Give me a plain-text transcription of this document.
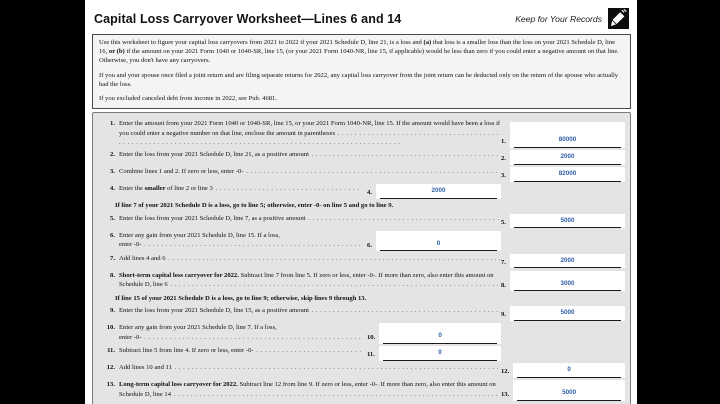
Capital Loss Carryover Worksheet—Lines 6 and 14	Keep for Your Records

Use this worksheet to figure your capital loss carryovers from 2021 to 2022 if your 2021 Schedule D, line 21, is a loss and (a) that loss is a smaller loss than the loss on your 2021 Schedule D, line 16, or (b) if the amount on your 2021 Form 1040 or 1040-SR, line 15, (or your 2021 Form 1040-NR, line 15, if applicable) would be less than zero if you could enter a negative amount on that line. Otherwise, you don't have any carryovers.

If you and your spouse once filed a joint return and are filing separate returns for 2022, any capital loss carryover from the joint return can be deducted only on the return of the spouse who actually had the loss.

If you excluded canceled debt from income in 2022, see Pub. 4681.

1. Enter the amount from your 2021 Form 1040 or 1040-SR, line 15, or your 2021 Form 1040-NR, line 15. If the amount would have been a loss if you could enter a negative number on that line, enclose the amount in parentheses . . .
1.	80000
2. Enter the loss from your 2021 Schedule D, line 21, as a positive amount . . .
2.	2000
3. Combine lines 1 and 2. If zero or less, enter -0- . . .
3.	82000
4. Enter the smaller of line 2 or line 3 . . .
4.	2000
If line 7 of your 2021 Schedule D is a loss, go to line 5; otherwise, enter -0- on line 5 and go to line 9.
5. Enter the loss from your 2021 Schedule D, line 7, as a positive amount . . .
5.	5000
6. Enter any gain from your 2021 Schedule D, line 15. If a loss,
enter -0- . . .	6.	0
7. Add lines 4 and 6 . . .
7.	2000
8. Short-term capital loss carryover for 2022. Subtract line 7 from line 5. If zero or less, enter -0-. If more than zero, also enter this amount on Schedule D, line 6 . . .	8.	3000
If line 15 of your 2021 Schedule D is a loss, go to line 9; otherwise, skip lines 9 through 13.
9. Enter the loss from your 2021 Schedule D, line 15, as a positive amount . . .
9.	5000
10. Enter any gain from your 2021 Schedule D, line 7. If a loss,
enter -0- . . .	10.	0
11. Subtract line 5 from line 4. If zero or less, enter -0- . . .
11.	0
12. Add lines 10 and 11 . . .
12.	0
13. Long-term capital loss carryover for 2022. Subtract line 12 from line 9. If zero or less, enter -0-. If more than zero, also enter this amount on Schedule D, line 14 . . .	13.	5000
